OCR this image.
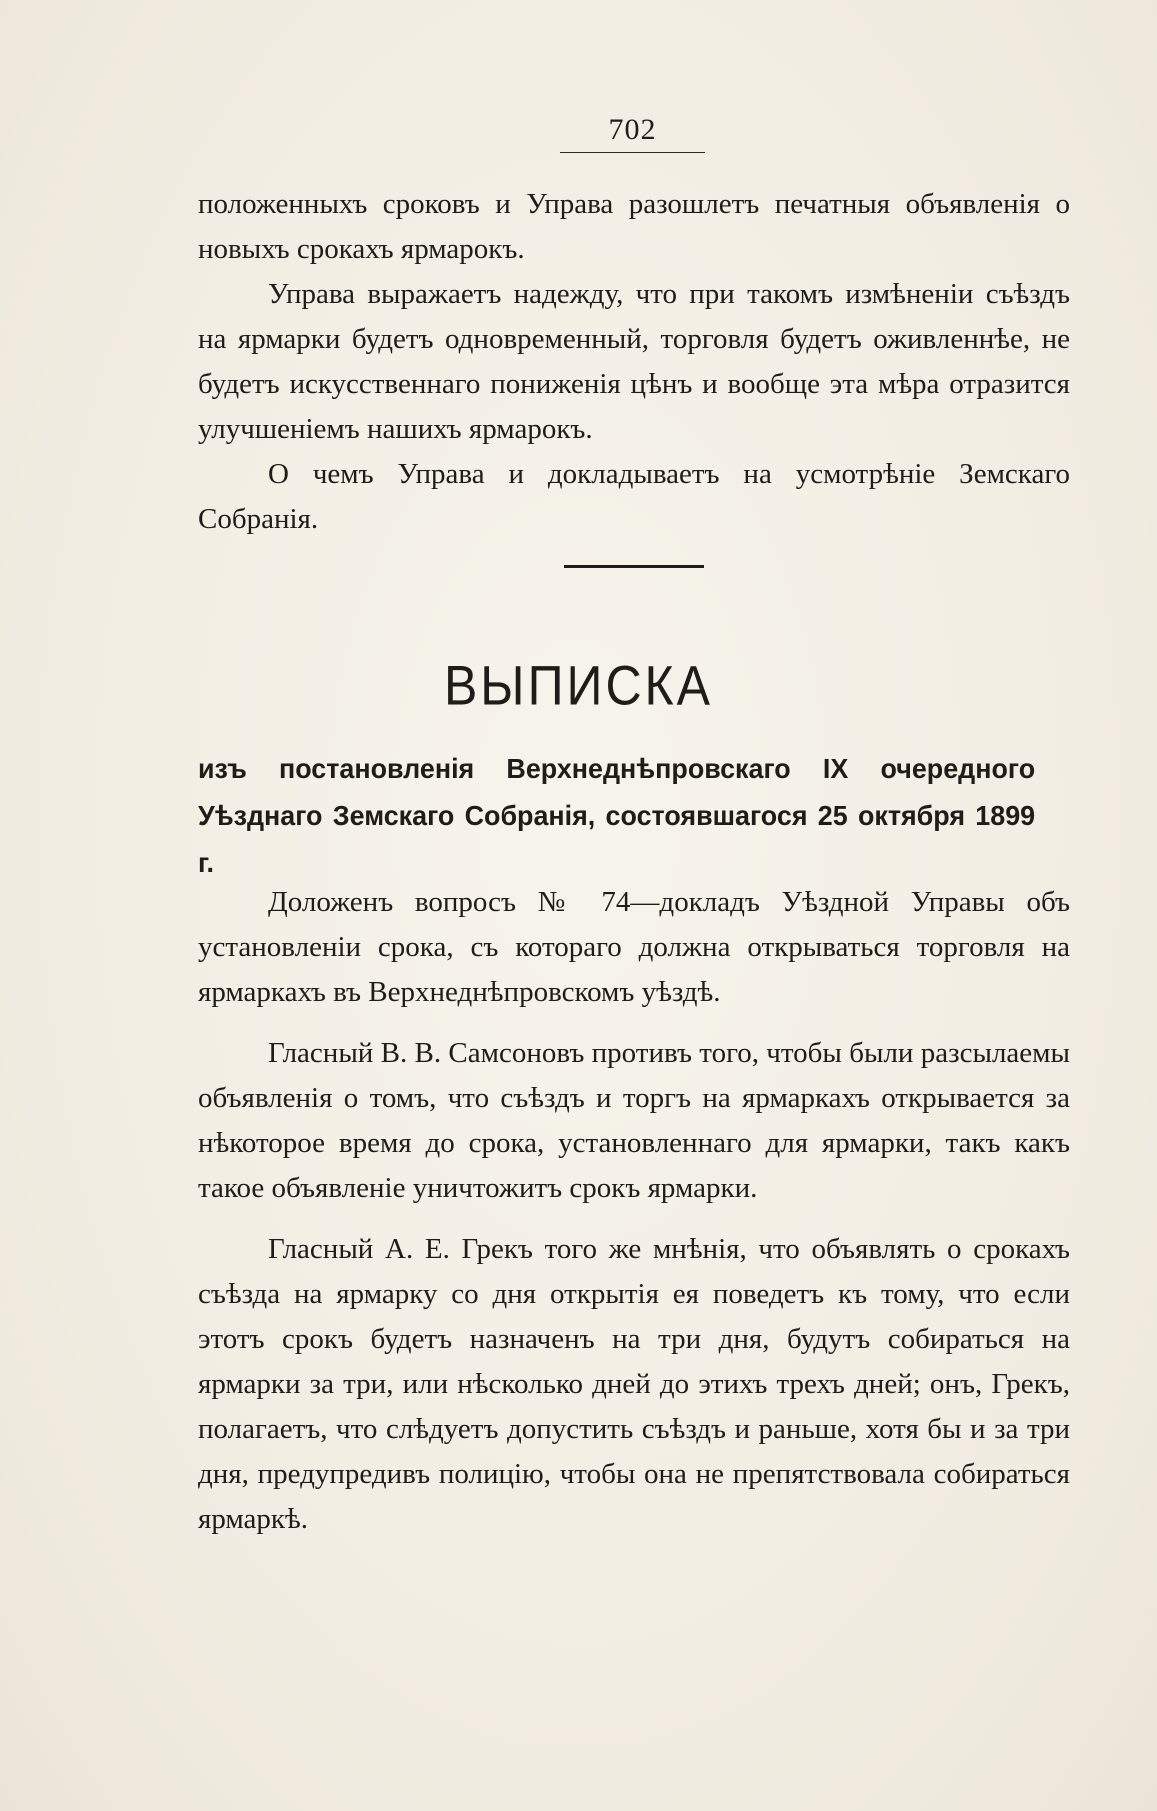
702

положенныхъ сроковъ и Управа разошлетъ печатныя объявленія о новыхъ срокахъ ярмарокъ.

Управа выражаетъ надежду, что при такомъ измѣненіи съѣздъ на ярмарки будетъ одновременный, торговля будетъ оживленнѣе, не будетъ искусственнаго пониженія цѣнъ и вообще эта мѣра отразится улучшеніемъ нашихъ ярмарокъ.

О чемъ Управа и докладываетъ на усмотрѣніе Земскаго Собранія.

ВЫПИСКА
изъ постановленія Верхнеднѣпровскаго IX очередного Уѣзднаго Земскаго Собранія, состоявшагося 25 октября 1899 г.

Доложенъ вопросъ № 74—докладъ Уѣздной Управы объ установленіи срока, съ котораго должна открываться торговля на ярмаркахъ въ Верхнеднѣпровскомъ уѣздѣ.

Гласный В. В. Самсоновъ противъ того, чтобы были разсылаемы объявленія о томъ, что съѣздъ и торгъ на ярмаркахъ открывается за нѣкоторое время до срока, установленнаго для ярмарки, такъ какъ такое объявленіе уничтожитъ срокъ ярмарки.

Гласный А. Е. Грекъ того же мнѣнія, что объявлять о срокахъ съѣзда на ярмарку со дня открытія ея поведетъ къ тому, что если этотъ срокъ будетъ назначенъ на три дня, будутъ собираться на ярмарки за три, или нѣсколько дней до этихъ трехъ дней; онъ, Грекъ, полагаетъ, что слѣдуетъ допустить съѣздъ и раньше, хотя бы и за три дня, предупредивъ полицію, чтобы она не препятствовала собираться ярмаркѣ.
